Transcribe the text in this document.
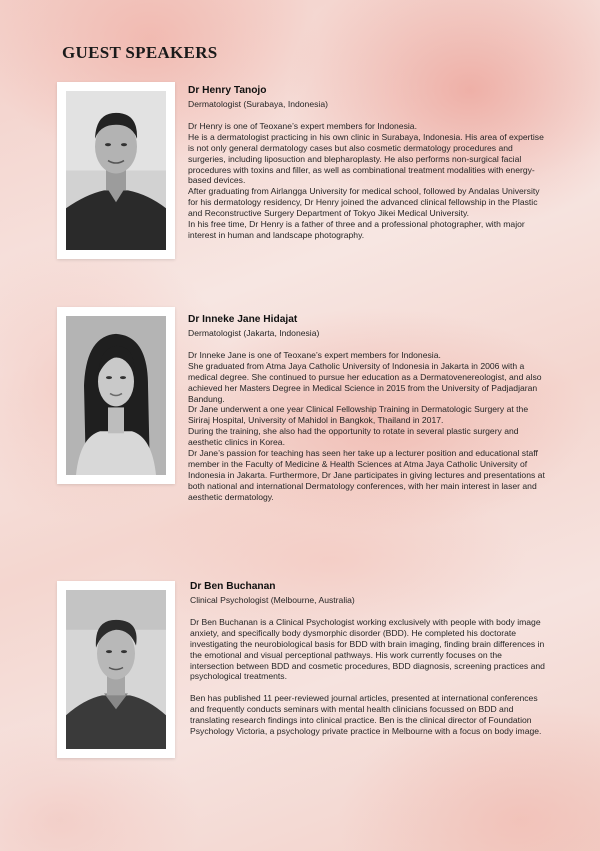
GUEST SPEAKERS
Dr Henry Tanojo
Dermatologist (Surabaya, Indonesia)

Dr Henry is one of Teoxane’s expert members for Indonesia.

He is a dermatologist practicing in his own clinic in Surabaya, Indonesia. His area of expertise is not only general dermatology cases but also cosmetic dermatology procedures and surgeries, including liposuction and blepharoplasty. He also performs non-surgical facial procedures with toxins and filler, as well as combinational treatment modalities with energy-based devices.

After graduating from Airlangga University for medical school, followed by Andalas University for his dermatology residency, Dr Henry joined the advanced clinical fellowship in the Plastic and Reconstructive Surgery Department of Tokyo Jikei Medical University.

In his free time, Dr Henry is a father of three and a professional photographer, with major interest in human and landscape photography.

Dr Inneke Jane Hidajat
Dermatologist (Jakarta, Indonesia)

Dr Inneke Jane is one of Teoxane’s expert members for Indonesia.

She graduated from Atma Jaya Catholic University of Indonesia in Jakarta in 2006 with a medical degree. She continued to pursue her education as a Dermatovenereologist, and also achieved her Masters Degree in Medical Science in 2015 from the University of Padjadjaran Bandung.

Dr Jane underwent a one year Clinical Fellowship Training in Dermatologic Surgery at the Siriraj Hospital, University of Mahidol in Bangkok, Thailand in 2017.

During the training, she also had the opportunity to rotate in several plastic surgery and aesthetic clinics in Korea.

Dr Jane’s passion for teaching has seen her take up a lecturer position and educational staff member in the Faculty of Medicine & Health Sciences at Atma Jaya Catholic University of Indonesia in Jakarta. Furthermore, Dr Jane participates in giving lectures and presentations at both national and international Dermatology conferences, with her main interest in laser and aesthetic dermatology.

Dr Ben Buchanan
Clinical Psychologist (Melbourne, Australia)

Dr Ben Buchanan is a Clinical Psychologist working exclusively with people with body image anxiety, and specifically body dysmorphic disorder (BDD). He completed his doctorate investigating the neurobiological basis for BDD with brain imaging, finding brain differences in the emotional and visual perceptional pathways. His work currently focuses on the intersection between BDD and cosmetic procedures, BDD diagnosis, screening practices and psychological treatments.

Ben has published 11 peer-reviewed journal articles, presented at international conferences and frequently conducts seminars with mental health clinicians focussed on BDD and translating research findings into clinical practice. Ben is the clinical director of Foundation Psychology Victoria, a psychology private practice in Melbourne with a focus on body image.
